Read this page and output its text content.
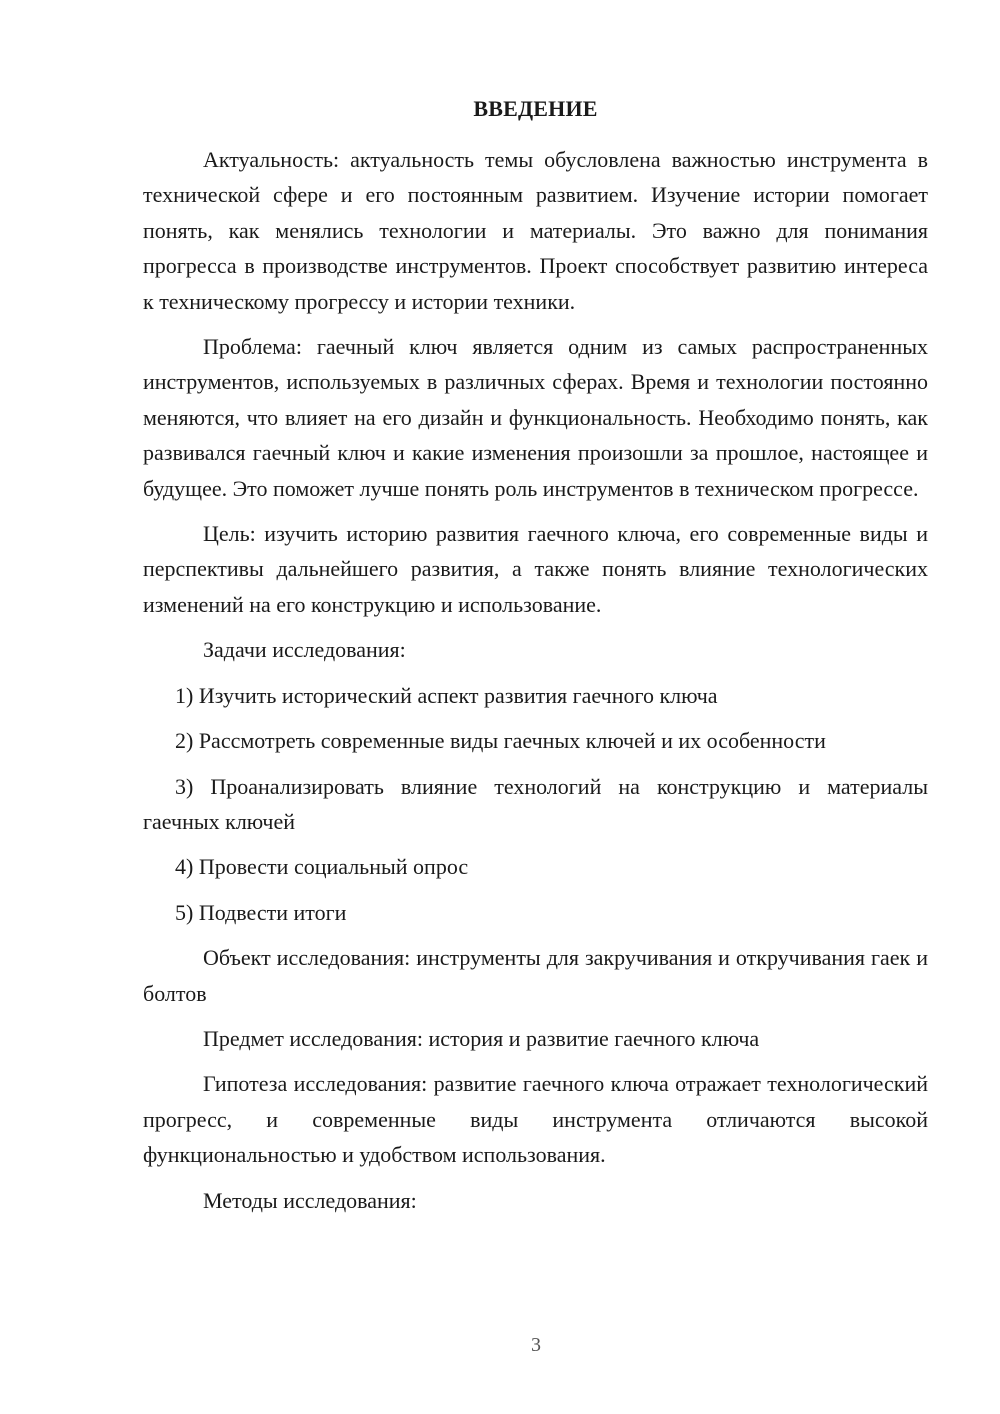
ВВЕДЕНИЕ

Актуальность: актуальность темы обусловлена важностью инструмента в технической сфере и его постоянным развитием. Изучение истории помогает понять, как менялись технологии и материалы. Это важно для понимания прогресса в производстве инструментов. Проект способствует развитию интереса к техническому прогрессу и истории техники.

Проблема: гаечный ключ является одним из самых распространенных инструментов, используемых в различных сферах. Время и технологии постоянно меняются, что влияет на его дизайн и функциональность. Необходимо понять, как развивался гаечный ключ и какие изменения произошли за прошлое, настоящее и будущее. Это поможет лучше понять роль инструментов в техническом прогрессе.

Цель: изучить историю развития гаечного ключа, его современные виды и перспективы дальнейшего развития, а также понять влияние технологических изменений на его конструкцию и использование.

Задачи исследования:

1) Изучить исторический аспект развития гаечного ключа

2) Рассмотреть современные виды гаечных ключей и их особенности

3) Проанализировать влияние технологий на конструкцию и материалы гаечных ключей

4) Провести социальный опрос

5) Подвести итоги

Объект исследования: инструменты для закручивания и откручивания гаек и болтов

Предмет исследования: история и развитие гаечного ключа

Гипотеза исследования: развитие гаечного ключа отражает технологический прогресс, и современные виды инструмента отличаются высокой функциональностью и удобством использования.

Методы исследования:

3
